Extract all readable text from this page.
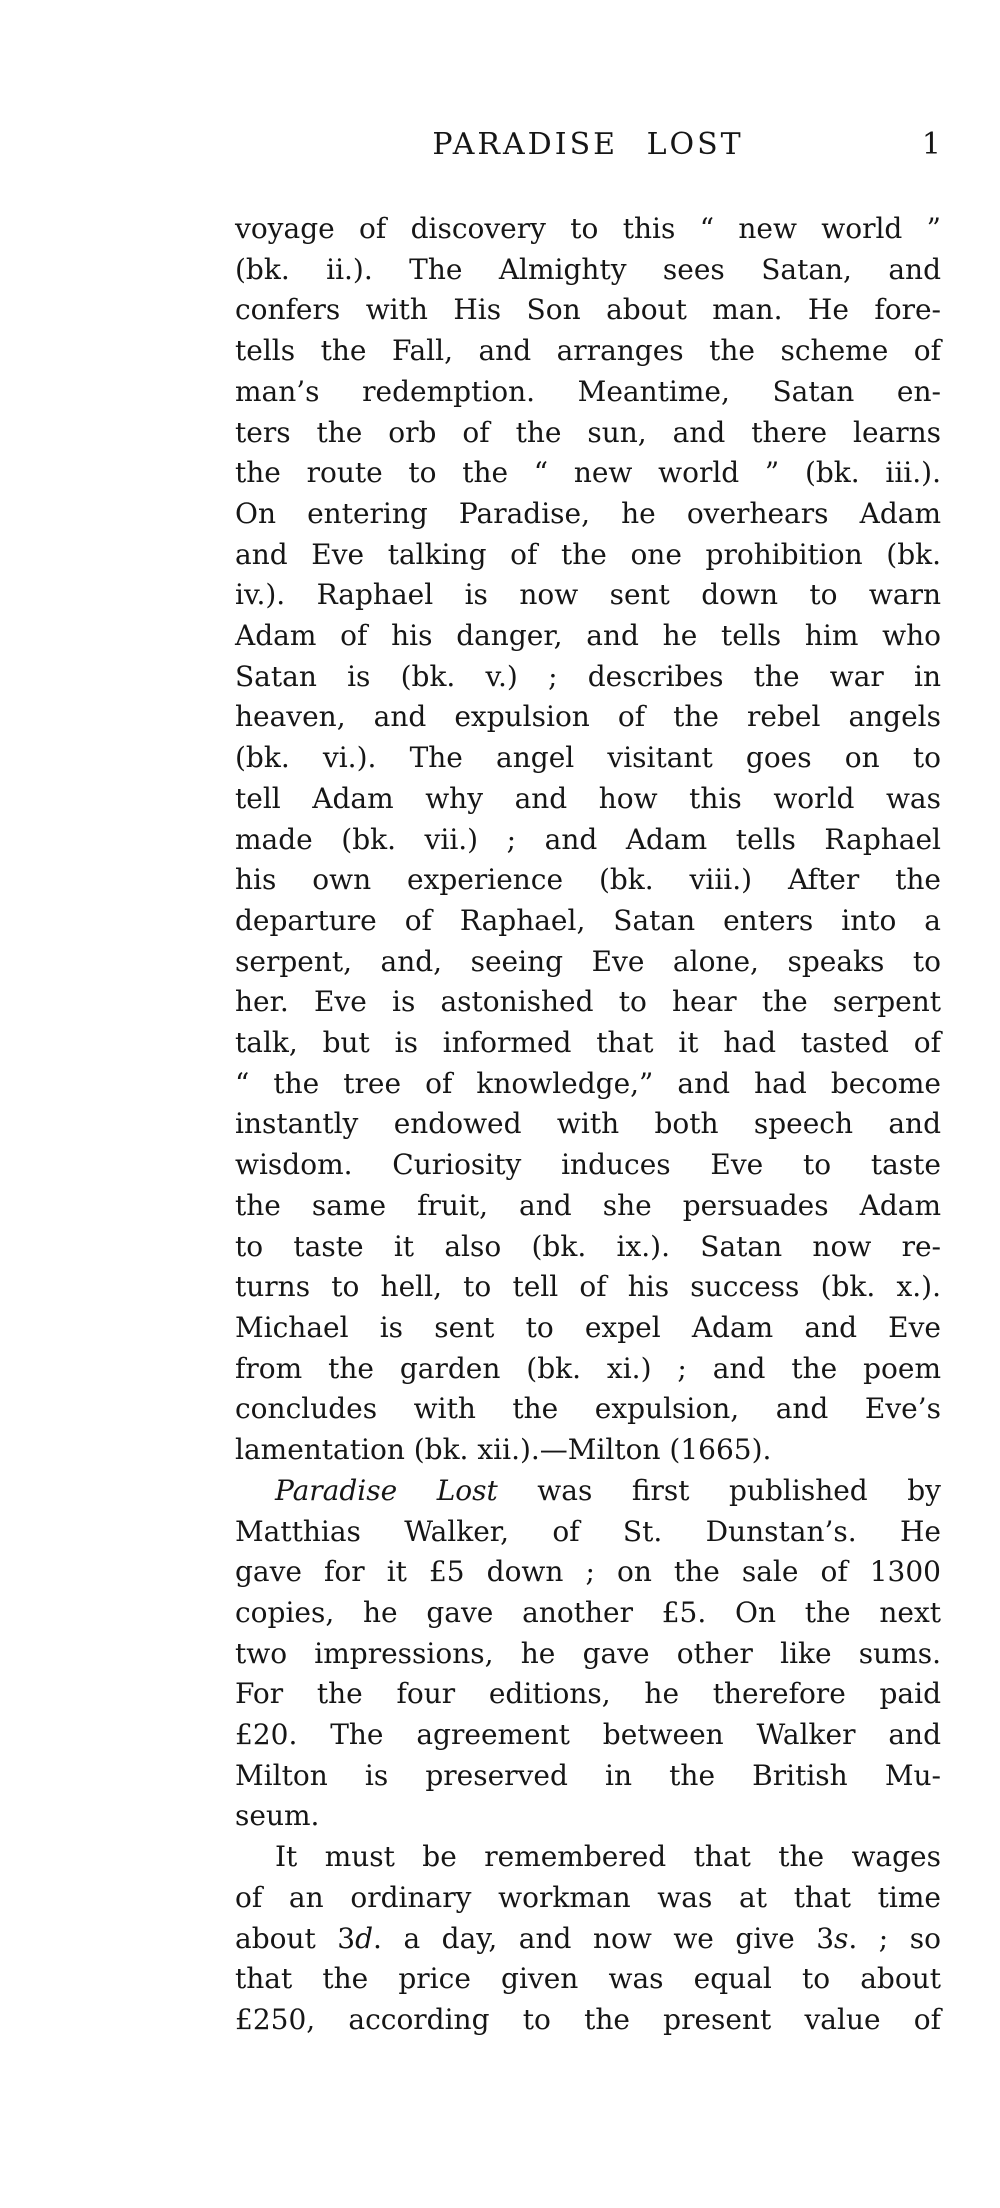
PARADISE LOST	1
voyage of discovery to this “ new world ”
(bk. ii.). The Almighty sees Satan, and
confers with His Son about man. He fore-
tells the Fall, and arranges the scheme of
man’s redemption. Meantime, Satan en-
ters the orb of the sun, and there learns
the route to the “ new world ” (bk. iii.).
On entering Paradise, he overhears Adam
and Eve talking of the one prohibition (bk.
iv.). Raphael is now sent down to warn
Adam of his danger, and he tells him who
Satan is (bk. v.) ; describes the war in
heaven, and expulsion of the rebel angels
(bk. vi.). The angel visitant goes on to
tell Adam why and how this world was
made (bk. vii.) ; and Adam tells Raphael
his own experience (bk. viii.) After the
departure of Raphael, Satan enters into a
serpent, and, seeing Eve alone, speaks to
her. Eve is astonished to hear the serpent
talk, but is informed that it had tasted of
“ the tree of knowledge,” and had become
instantly endowed with both speech and
wisdom. Curiosity induces Eve to taste
the same fruit, and she persuades Adam
to taste it also (bk. ix.). Satan now re-
turns to hell, to tell of his success (bk. x.).
Michael is sent to expel Adam and Eve
from the garden (bk. xi.) ; and the poem
concludes with the expulsion, and Eve’s
lamentation (bk. xii.).—Milton (1665).
Paradise Lost was first published by
Matthias Walker, of St. Dunstan’s. He
gave for it £5 down ; on the sale of 1300
copies, he gave another £5. On the next
two impressions, he gave other like sums.
For the four editions, he therefore paid
£20. The agreement between Walker and
Milton is preserved in the British Mu-
seum.
It must be remembered that the wages
of an ordinary workman was at that time
about 3d. a day, and now we give 3s. ; so
that the price given was equal to about
£250, according to the present value of
